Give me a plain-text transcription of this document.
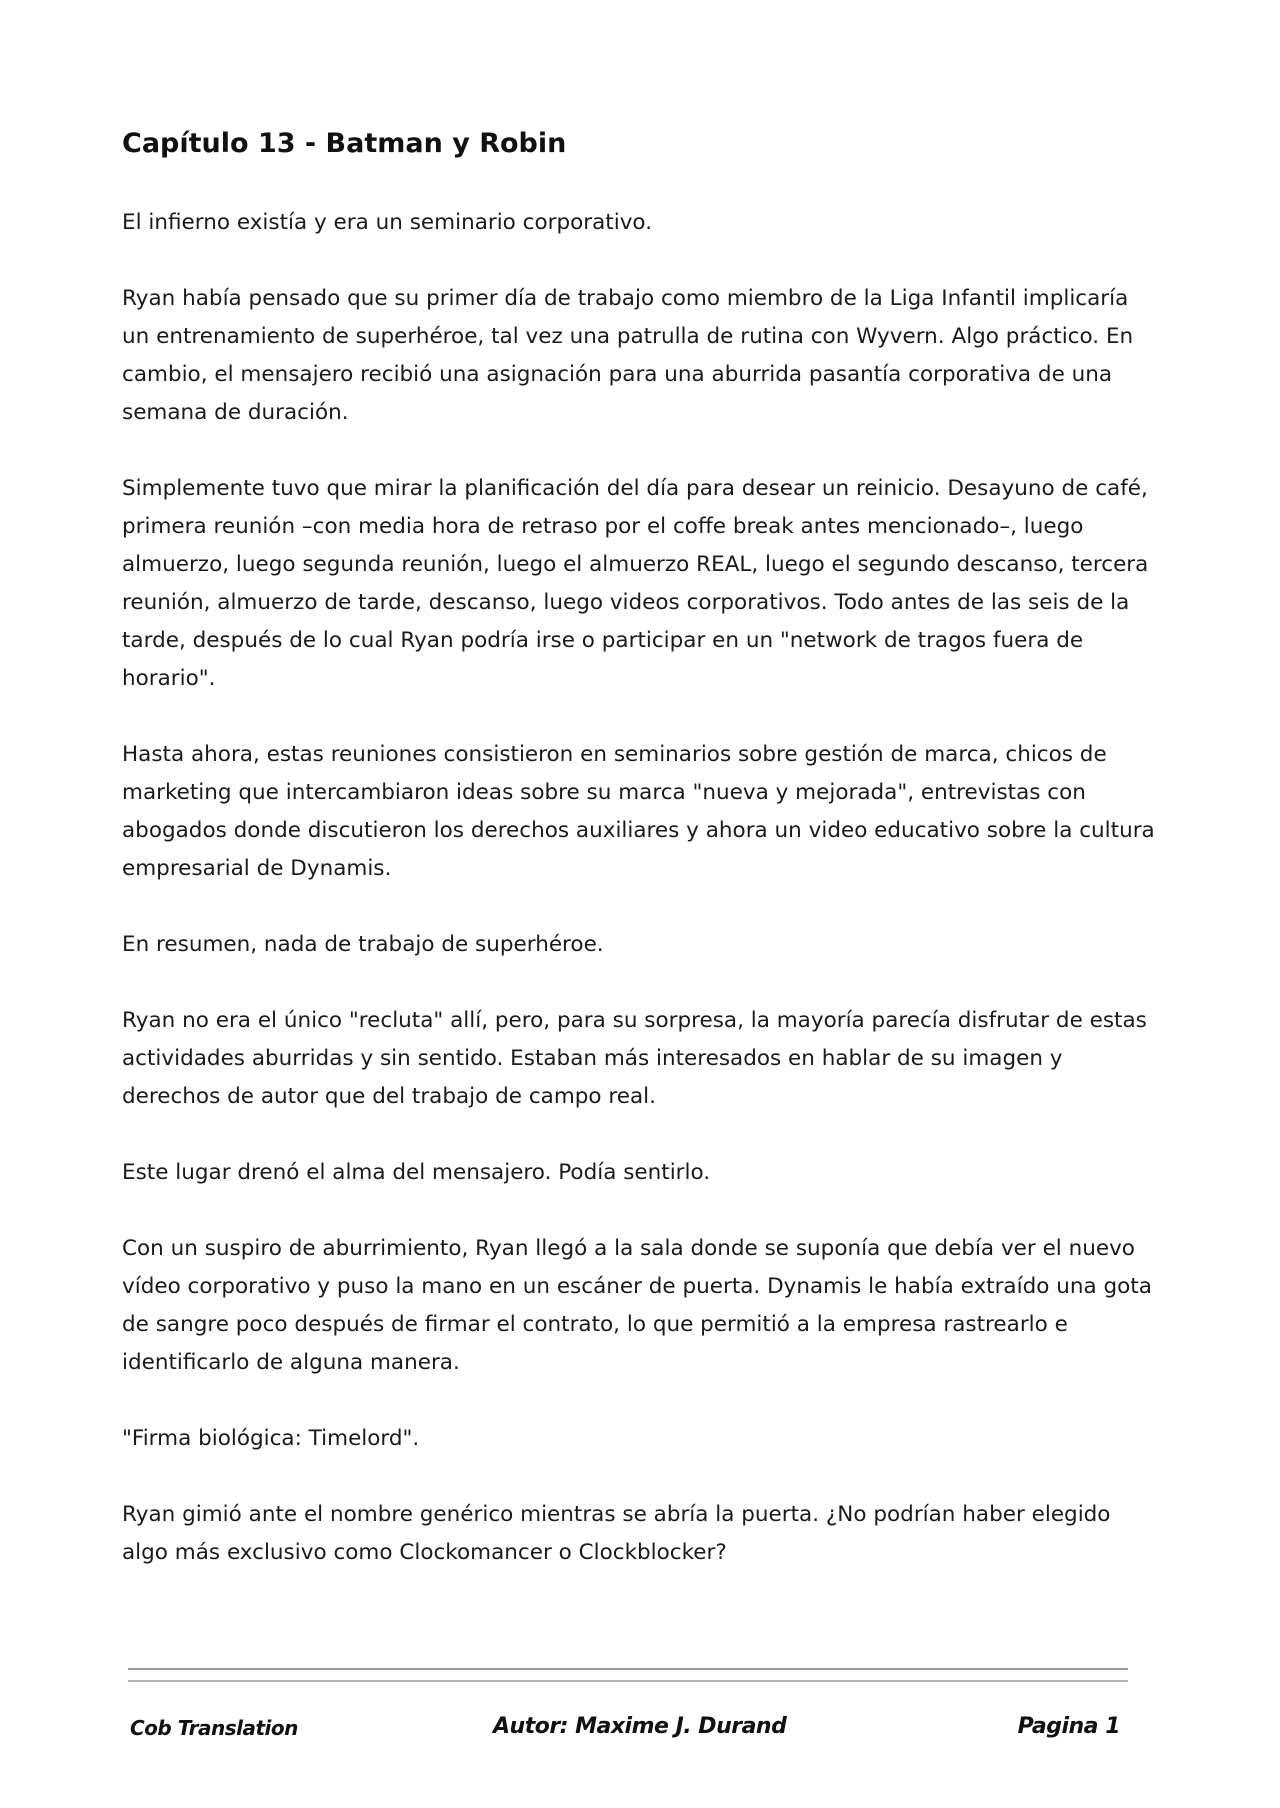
Capítulo 13 - Batman y Robin

El infierno existía y era un seminario corporativo.

Ryan había pensado que su primer día de trabajo como miembro de la Liga Infantil implicaría un entrenamiento de superhéroe, tal vez una patrulla de rutina con Wyvern. Algo práctico. En cambio, el mensajero recibió una asignación para una aburrida pasantía corporativa de una semana de duración.

Simplemente tuvo que mirar la planificación del día para desear un reinicio. Desayuno de café, primera reunión –con media hora de retraso por el coffe break antes mencionado–, luego almuerzo, luego segunda reunión, luego el almuerzo REAL, luego el segundo descanso, tercera reunión, almuerzo de tarde, descanso, luego videos corporativos. Todo antes de las seis de la tarde, después de lo cual Ryan podría irse o participar en un "network de tragos fuera de horario".

Hasta ahora, estas reuniones consistieron en seminarios sobre gestión de marca, chicos de marketing que intercambiaron ideas sobre su marca "nueva y mejorada", entrevistas con abogados donde discutieron los derechos auxiliares y ahora un video educativo sobre la cultura empresarial de Dynamis.

En resumen, nada de trabajo de superhéroe.

Ryan no era el único "recluta" allí, pero, para su sorpresa, la mayoría parecía disfrutar de estas actividades aburridas y sin sentido. Estaban más interesados en hablar de su imagen y derechos de autor que del trabajo de campo real.

Este lugar drenó el alma del mensajero. Podía sentirlo.

Con un suspiro de aburrimiento, Ryan llegó a la sala donde se suponía que debía ver el nuevo vídeo corporativo y puso la mano en un escáner de puerta. Dynamis le había extraído una gota de sangre poco después de firmar el contrato, lo que permitió a la empresa rastrearlo e identificarlo de alguna manera.

"Firma biológica: Timelord".

Ryan gimió ante el nombre genérico mientras se abría la puerta. ¿No podrían haber elegido algo más exclusivo como Clockomancer o Clockblocker?

Cob Translation	Autor: Maxime J. Durand	Pagina 1
